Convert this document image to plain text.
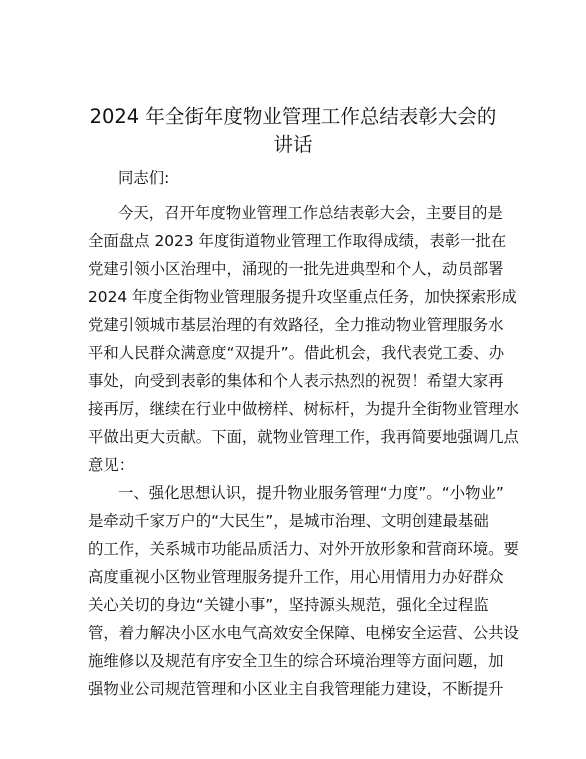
2024 年全街年度物业管理工作总结表彰大会的
讲话
同志们:
今天，召开年度物业管理工作总结表彰大会，主要目的是
全面盘点 2023 年度街道物业管理工作取得成绩，表彰一批在
党建引领小区治理中，涌现的一批先进典型和个人，动员部署
2024 年度全街物业管理服务提升攻坚重点任务，加快探索形成
党建引领城市基层治理的有效路径，全力推动物业管理服务水
平和人民群众满意度“双提升”。借此机会，我代表党工委、办
事处，向受到表彰的集体和个人表示热烈的祝贺！希望大家再
接再厉，继续在行业中做榜样、树标杆，为提升全街物业管理水
平做出更大贡献。下面，就物业管理工作，我再简要地强调几点
意见：
一、强化思想认识，提升物业服务管理“力度”。“小物业”
是牵动千家万户的“大民生”，是城市治理、文明创建最基础
的工作，关系城市功能品质活力、对外开放形象和营商环境。要
高度重视小区物业管理服务提升工作，用心用情用力办好群众
关心关切的身边“关键小事”，坚持源头规范，强化全过程监
管，着力解决小区水电气高效安全保障、电梯安全运营、公共设
施维修以及规范有序安全卫生的综合环境治理等方面问题，加
强物业公司规范管理和小区业主自我管理能力建设，不断提升
